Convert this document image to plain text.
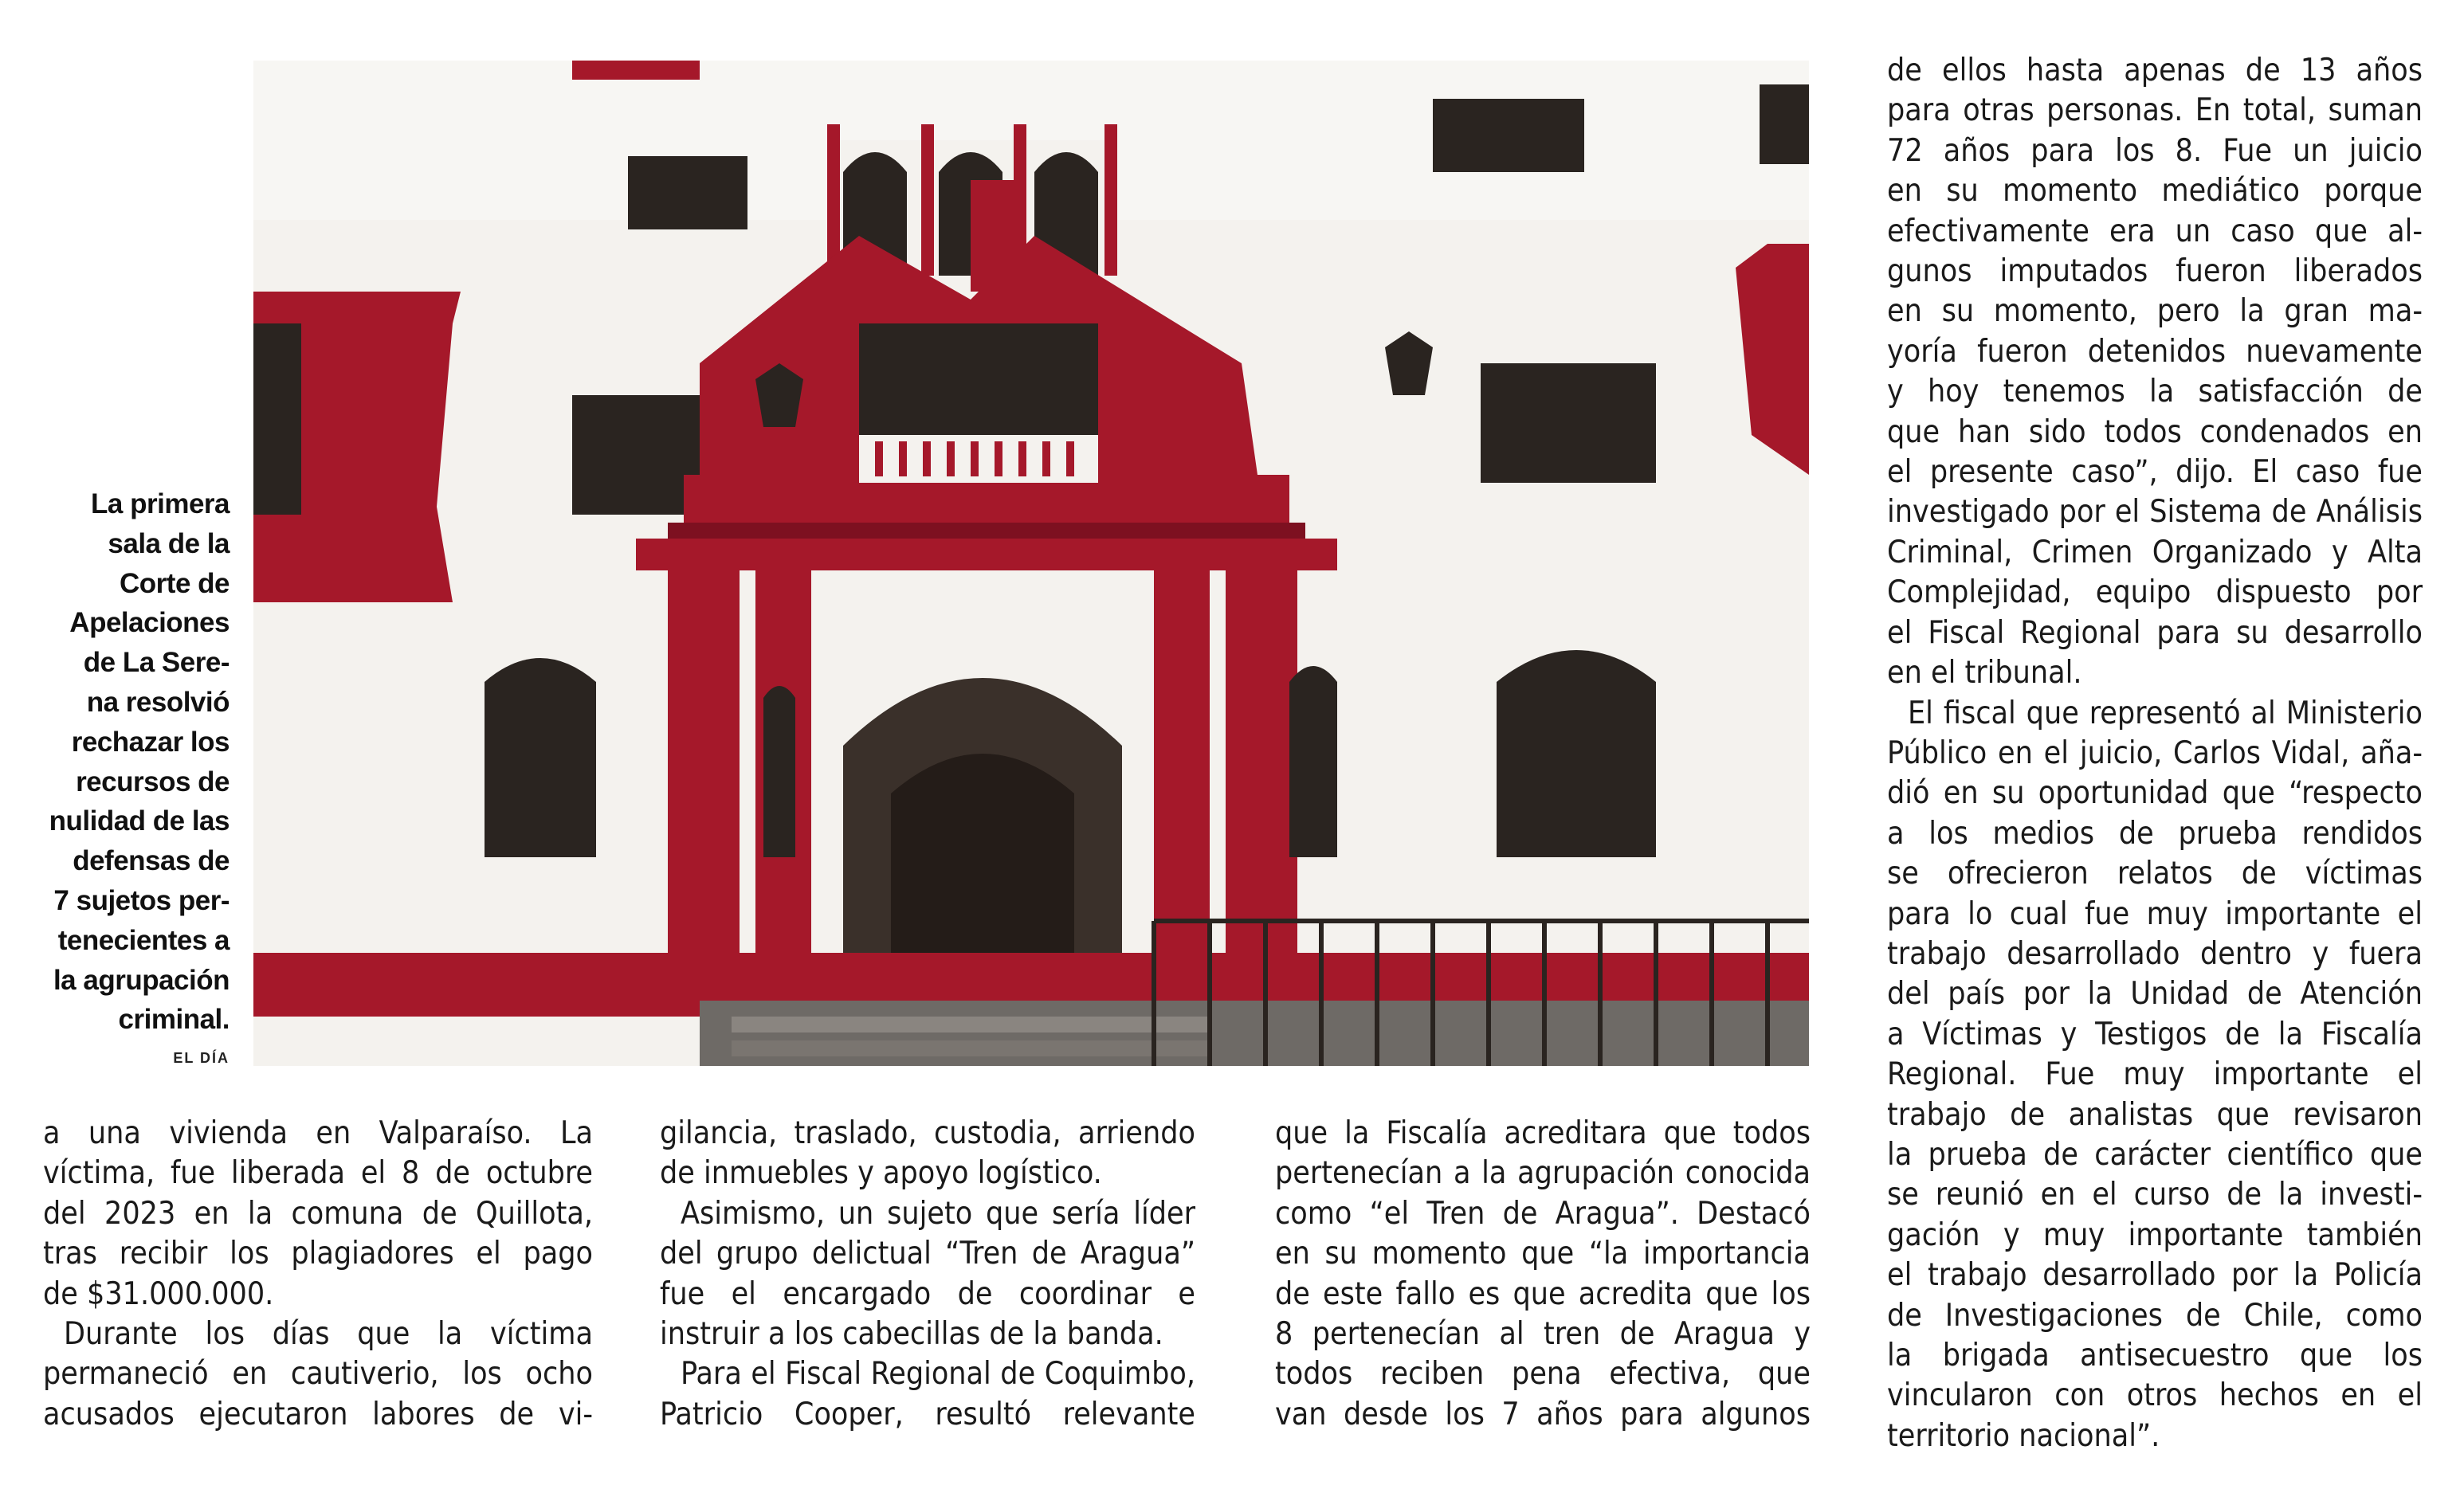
La primera
sala de la
Corte de
Apelaciones
de La Sere-
na resolvió
rechazar los
recursos de
nulidad de las
defensas de
7 sujetos per-
tenecientes a
la agrupación
criminal.
EL DÍA
a una vivienda en Valparaíso. La
víctima, fue liberada el 8 de octubre
del 2023 en la comuna de Quillota,
tras recibir los plagiadores el pago
de $31.000.000.
Durante los días que la víctima
permaneció en cautiverio, los ocho
acusados ejecutaron labores de vi-
gilancia, traslado, custodia, arriendo
de inmuebles y apoyo logístico.
Asimismo, un sujeto que sería líder
del grupo delictual “Tren de Aragua”
fue el encargado de coordinar e
instruir a los cabecillas de la banda.
Para el Fiscal Regional de Coquimbo,
Patricio Cooper, resultó relevante
que la Fiscalía acreditara que todos
pertenecían a la agrupación conocida
como “el Tren de Aragua”. Destacó
en su momento que “la importancia
de este fallo es que acredita que los
8 pertenecían al tren de Aragua y
todos reciben pena efectiva, que
van desde los 7 años para algunos
de ellos hasta apenas de 13 años
para otras personas. En total, suman
72 años para los 8. Fue un juicio
en su momento mediático porque
efectivamente era un caso que al-
gunos imputados fueron liberados
en su momento, pero la gran ma-
yoría fueron detenidos nuevamente
y hoy tenemos la satisfacción de
que han sido todos condenados en
el presente caso”, dijo. El caso fue
investigado por el Sistema de Análisis
Criminal, Crimen Organizado y Alta
Complejidad, equipo dispuesto por
el Fiscal Regional para su desarrollo
en el tribunal.
El fiscal que representó al Ministerio
Público en el juicio, Carlos Vidal, aña-
dió en su oportunidad que “respecto
a los medios de prueba rendidos
se ofrecieron relatos de víctimas
para lo cual fue muy importante el
trabajo desarrollado dentro y fuera
del país por la Unidad de Atención
a Víctimas y Testigos de la Fiscalía
Regional. Fue muy importante el
trabajo de analistas que revisaron
la prueba de carácter científico que
se reunió en el curso de la investi-
gación y muy importante también
el trabajo desarrollado por la Policía
de Investigaciones de Chile, como
la brigada antisecuestro que los
vincularon con otros hechos en el
territorio nacional”.
